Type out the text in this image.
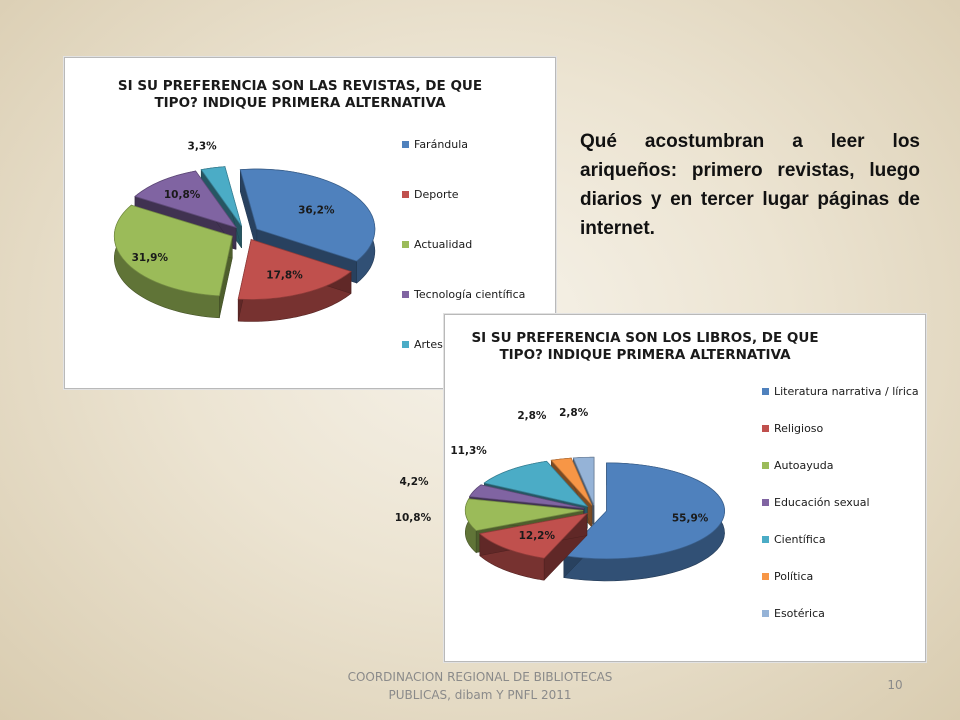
SI SU PREFERENCIA SON LAS REVISTAS, DE QUE
TIPO? INDIQUE PRIMERA ALTERNATIVA
36,2%
17,8%
31,9%
10,8%
3,3%	Farándula
Deporte
Actualidad
Tecnología científica
Artes	SI SU PREFERENCIA SON LOS LIBROS, DE QUE
TIPO? INDIQUE PRIMERA ALTERNATIVA
55,9%
12,2%
10,8%
4,2%
11,3%
2,8% 2,8%
Literatura narrativa / lírica
Religioso
Autoayuda
Educación sexual
Científica
Política
Esotérica
Qué acostumbran a leer los ariqueños: primero revistas, luego diarios y en tercer lugar páginas de internet.
COORDINACION REGIONAL DE BIBLIOTECAS PUBLICAS, dibam Y PNFL 2011
10
